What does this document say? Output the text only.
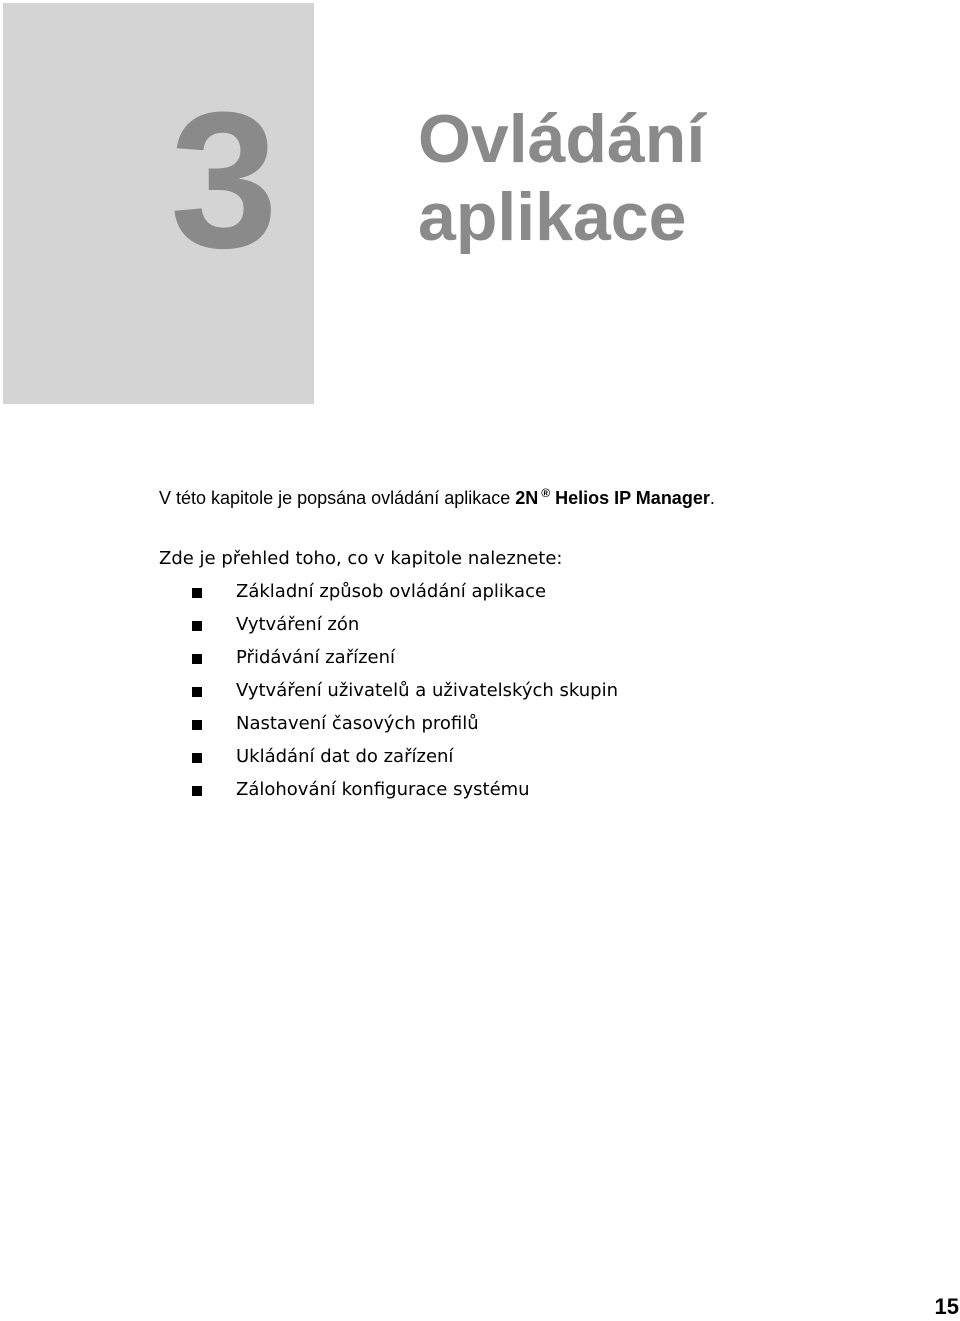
3 Ovládání
aplikace
V této kapitole je popsána ovládání aplikace 2N ® Helios IP Manager.
Zde je přehled toho, co v kapitole naleznete:
Základní způsob ovládání aplikace
Vytváření zón
Přidávání zařízení
Vytváření uživatelů a uživatelských skupin
Nastavení časových profilů
Ukládání dat do zařízení
Zálohování konfigurace systému
15
